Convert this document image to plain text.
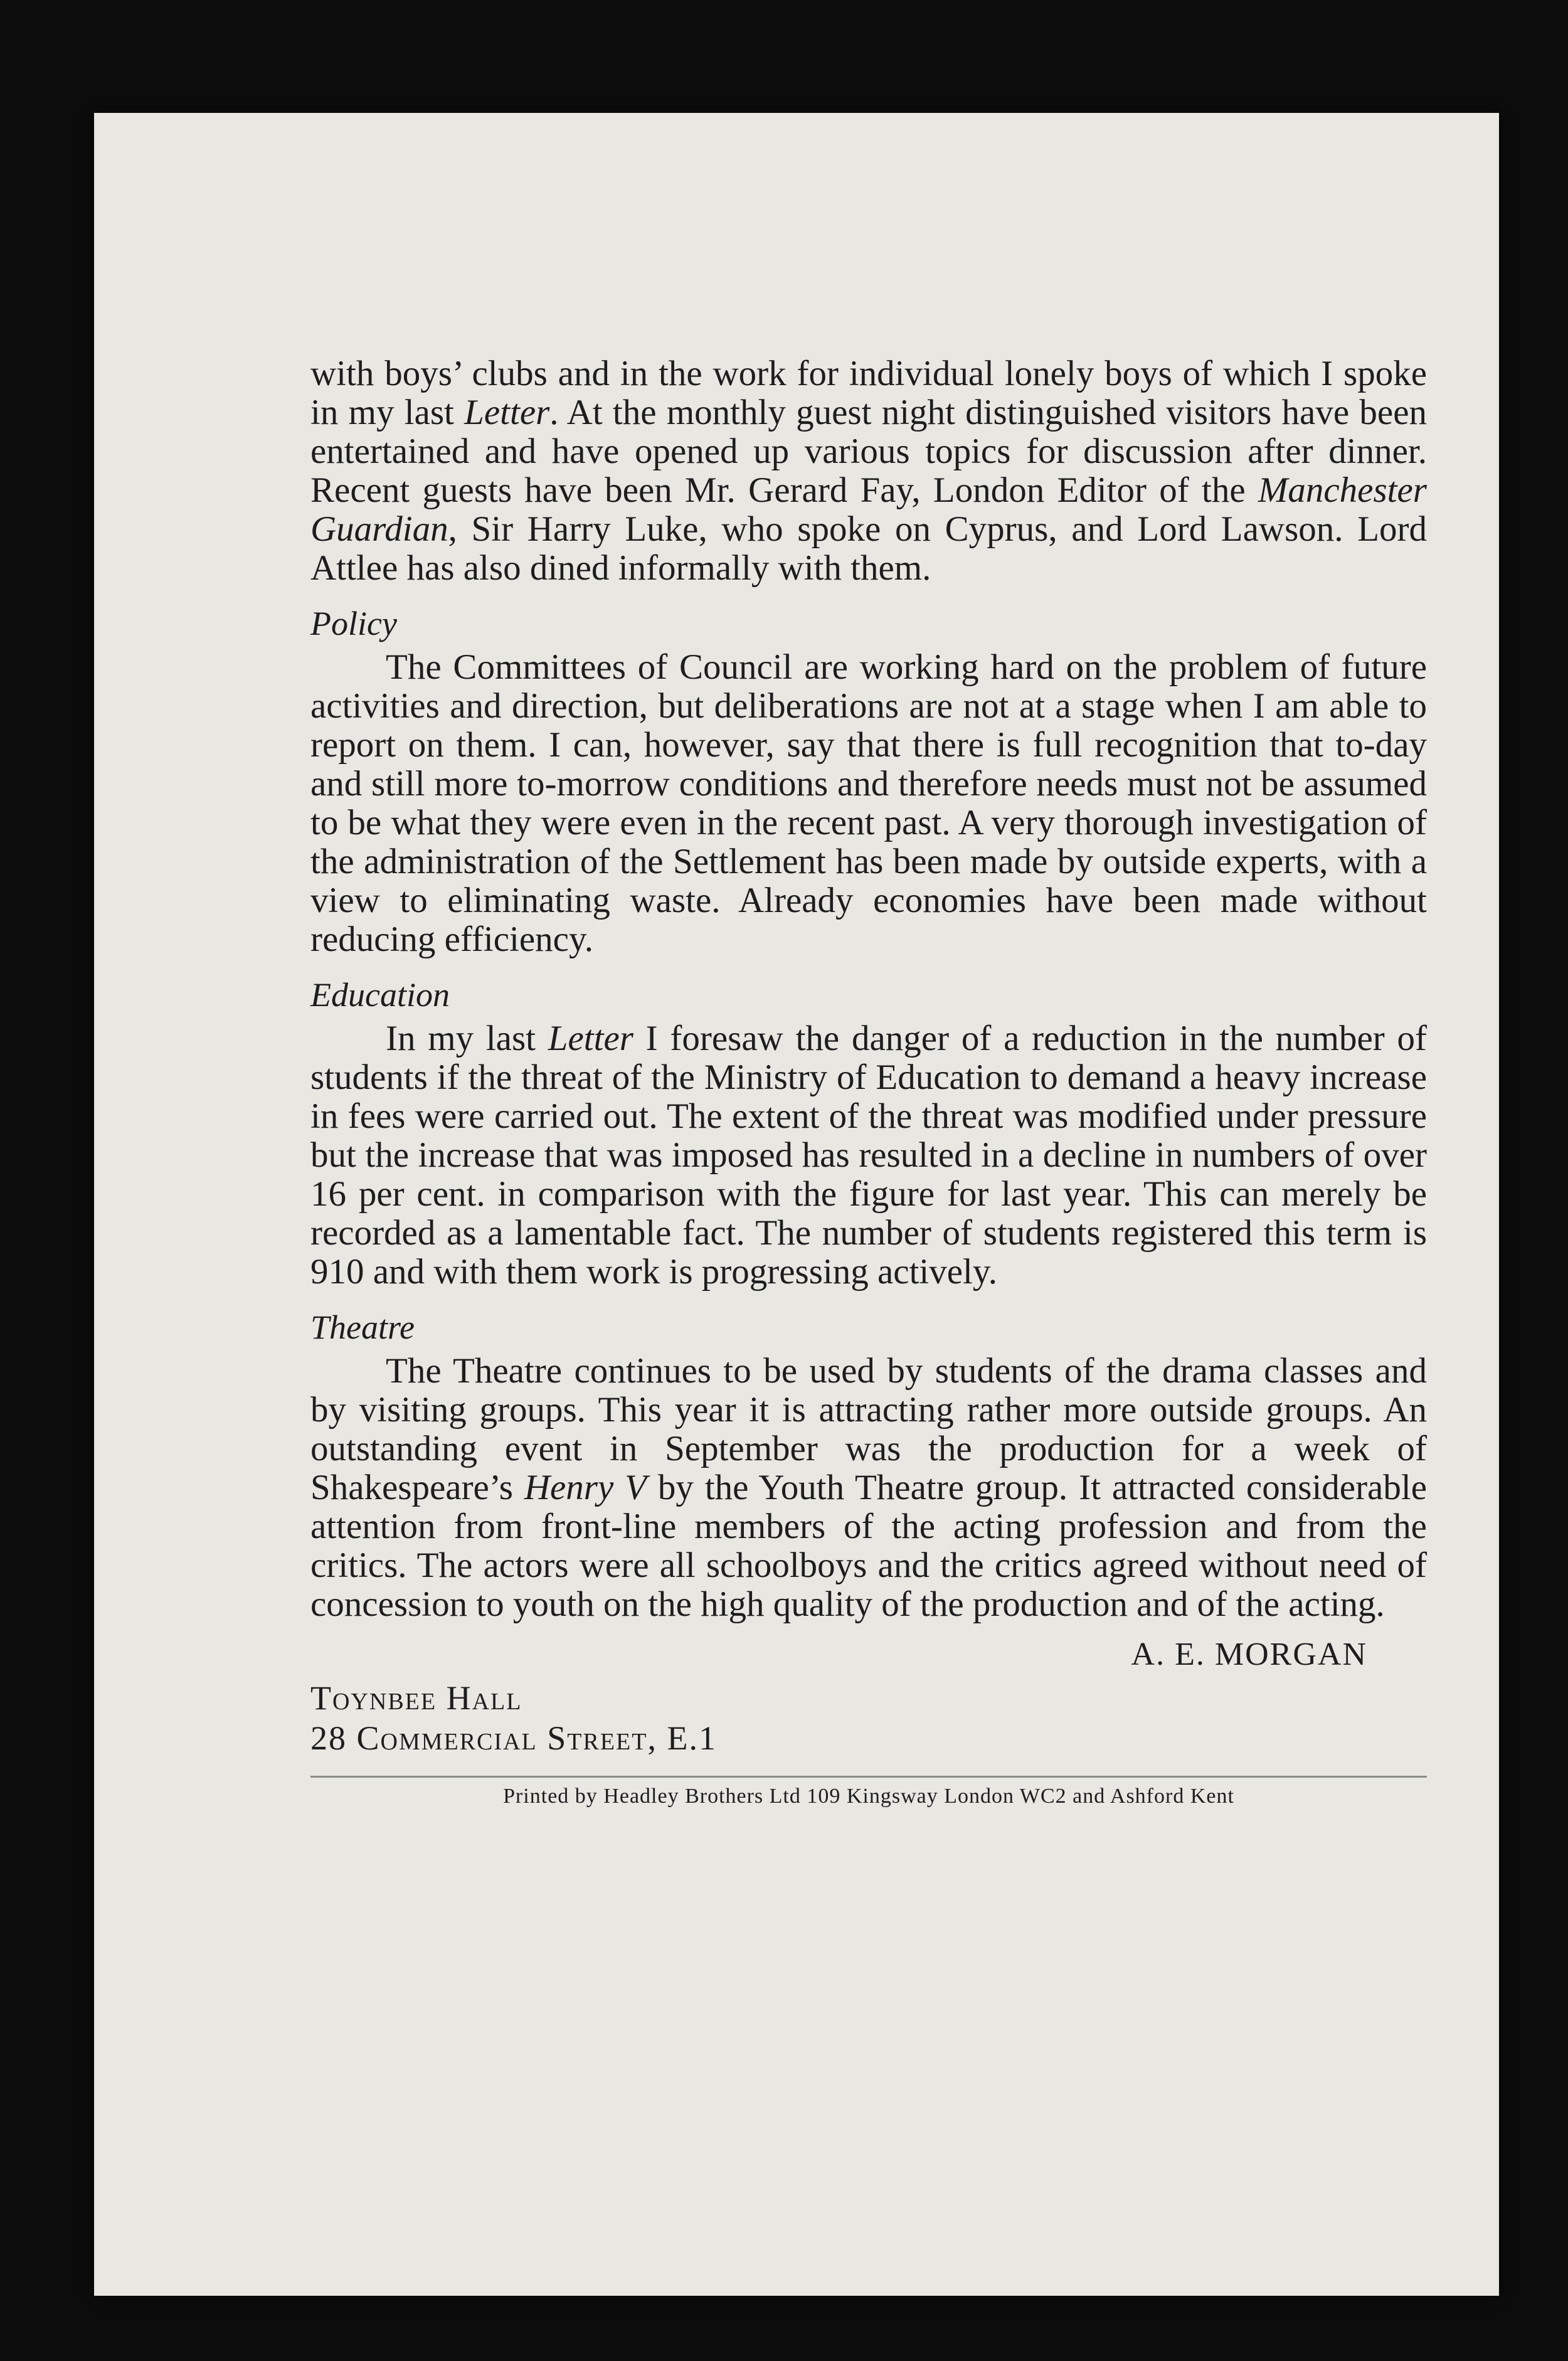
with boys’ clubs and in the work for individual lonely boys of which I spoke in my last Letter. At the monthly guest night distinguished visitors have been entertained and have opened up various topics for discussion after dinner. Recent guests have been Mr. Gerard Fay, London Editor of the Manchester Guardian, Sir Harry Luke, who spoke on Cyprus, and Lord Lawson. Lord Attlee has also dined informally with them.

Policy

The Committees of Council are working hard on the problem of future activities and direction, but deliberations are not at a stage when I am able to report on them. I can, however, say that there is full recognition that to-day and still more to-morrow conditions and therefore needs must not be assumed to be what they were even in the recent past. A very thorough investigation of the administration of the Settlement has been made by outside experts, with a view to eliminating waste. Already economies have been made without reducing efficiency.

Education

In my last Letter I foresaw the danger of a reduction in the number of students if the threat of the Ministry of Education to demand a heavy increase in fees were carried out. The extent of the threat was modified under pressure but the increase that was imposed has resulted in a decline in numbers of over 16 per cent. in comparison with the figure for last year. This can merely be recorded as a lamentable fact. The number of students registered this term is 910 and with them work is progressing actively.

Theatre

The Theatre continues to be used by students of the drama classes and by visiting groups. This year it is attracting rather more outside groups. An outstanding event in September was the production for a week of Shakespeare’s Henry V by the Youth Theatre group. It attracted considerable attention from front-line members of the acting profession and from the critics. The actors were all schoolboys and the critics agreed without need of concession to youth on the high quality of the production and of the acting.

A. E. MORGAN
Toynbee Hall
28 Commercial Street, E.1
Printed by Headley Brothers Ltd 109 Kingsway London WC2 and Ashford Kent
